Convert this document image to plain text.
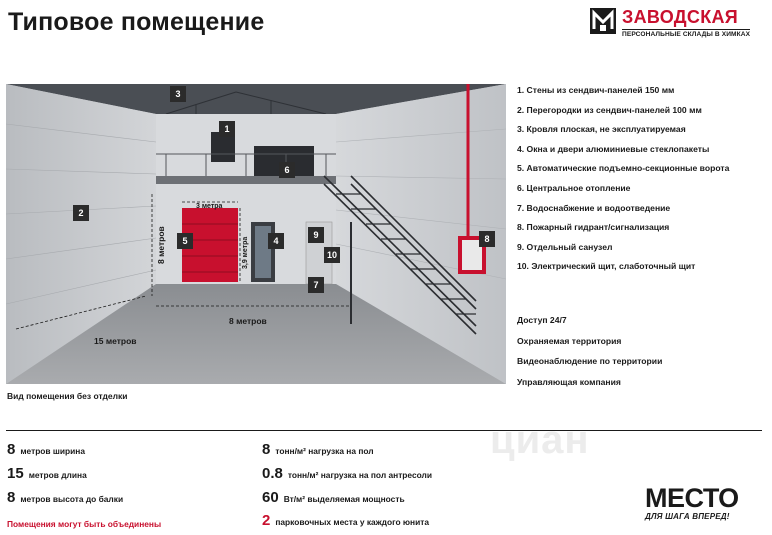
Типовое помещение	ЗАВОДСКАЯ
ПЕРСОНАЛЬНЫЕ СКЛАДЫ В ХИМКАХ
3
1
6
2
5	4
9
10
7
8
3 метра
3,9 метра
8 метров
8 метров
15 метров
Вид помещения без отделки
1. Стены из сендвич-панелей 150 мм
2. Перегородки из сендвич-панелей 100 мм
3. Кровля плоская, не эксплуатируемая
4. Окна и двери алюминиевые стеклопакеты
5. Автоматические подъемно-секционные ворота
6. Центральное отопление
7. Водоснабжение и водоотведение
8. Пожарный гидрант/сигнализация
9. Отдельный санузел
10. Электрический щит, слаботочный щит
Доступ 24/7
Охраняемая территория
Видеонаблюдение по территории
Управляющая компания
циан
8 метров ширина
15 метров длина
8 метров высота до балки
8 тонн/м² нагрузка на пол
0.8 тонн/м² нагрузка на пол антресоли
60 Вт/м² выделяемая мощность
Помещения могут быть объединены	2 парковочных места у каждого юнита
МЕСТО
ДЛЯ ШАГА ВПЕРЕД!
